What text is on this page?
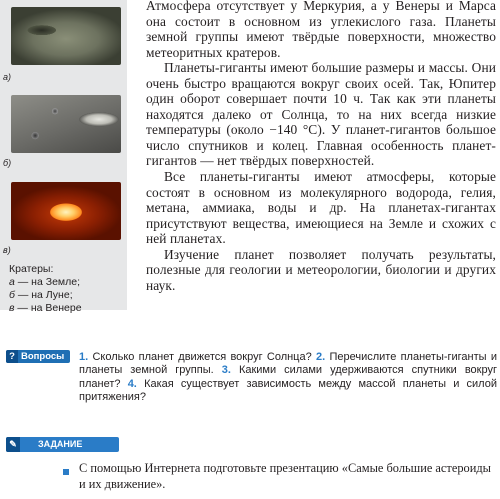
а)
б)
в)
Кратеры:
а — на Земле;
б — на Луне;
в — на Венере

Атмосфера отсутствует у Меркурия, а у Венеры и Марса она состоит в основном из углекислого газа. Планеты земной группы имеют твёрдые поверхности, множество метеоритных кратеров.

Планеты-гиганты имеют большие размеры и массы. Они очень быстро вращаются вокруг своих осей. Так, Юпитер один оборот совершает почти 10 ч. Так как эти планеты находятся далеко от Солнца, то на них всегда низкие температуры (около −140 °C). У планет-гигантов большое число спутников и колец. Главная особенность планет-гигантов — нет твёрдых поверхностей.

Все планеты-гиганты имеют атмосферы, которые состоят в основном из молекулярного водорода, гелия, метана, аммиака, воды и др. На планетах-гигантах присутствуют вещества, имеющиеся на Земле и схожих с ней планетах.

Изучение планет позволяет получать результаты, полезные для геологии и метеорологии, биологии и других наук.

? Вопросы	1. Сколько планет движется вокруг Солнца? 2. Перечислите планеты-гиганты и планеты земной группы. 3. Какими силами удерживаются спутники вокруг планет? 4. Какая существует зависимость между массой планеты и силой притяжения?
✎ ЗАДАНИЕ
С помощью Интернета подготовьте презентацию «Самые большие астероиды и их движение».
